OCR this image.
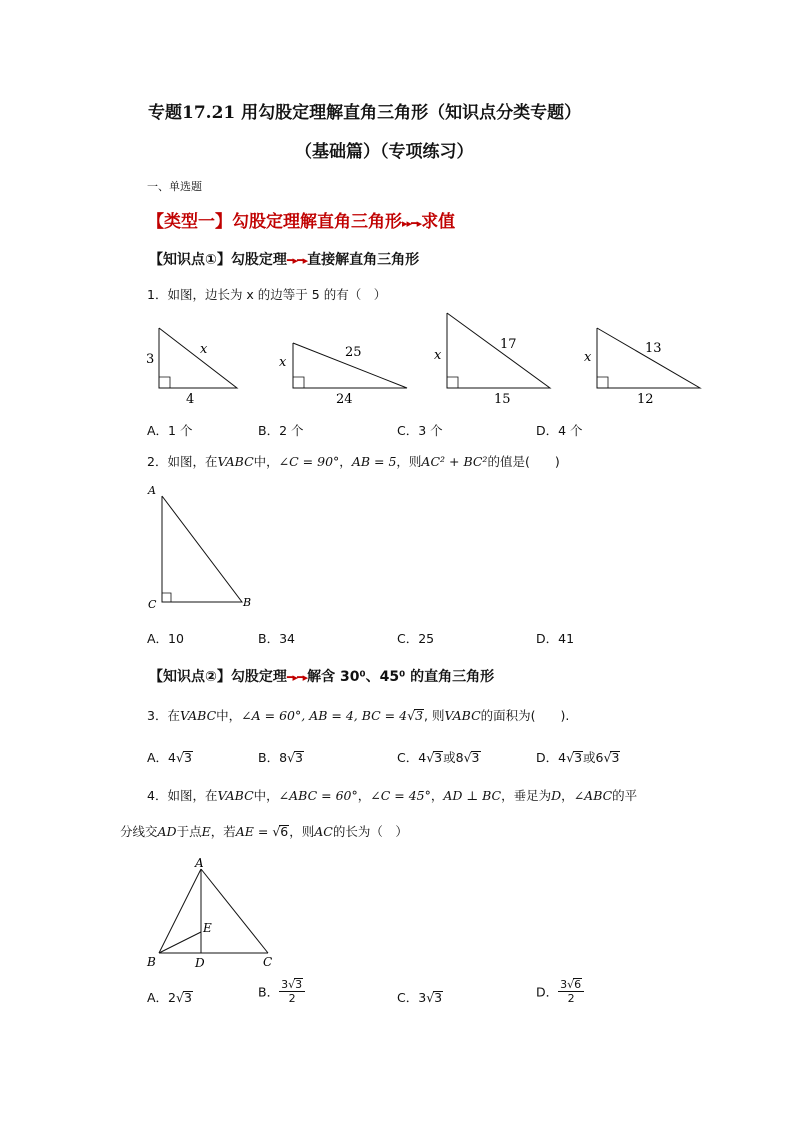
专题17.21 用勾股定理解直角三角形（知识点分类专题）
（基础篇）（专项练习）
一、单选题
【类型一】勾股定理解直角三角形▸▸━▸求值
【知识点①】勾股定理━▸━▸直接解直角三角形
1．如图，边长为 x 的边等于 5 的有（　）
3
4
x
x
24
25	x
15
17
x
12
13
A．1 个	B．2 个	C．3 个	D．4 个
2．如图，在VABC中，∠C = 90°，AB = 5，则AC² + BC²的值是(　　)
A
C	B
A．10	B．34	C．25	D．41
【知识点②】勾股定理━▸━▸解含 30⁰、45⁰ 的直角三角形
3．在VABC中，∠A = 60°, AB = 4, BC = 4√3, 则VABC的面积为(　　).
A．4√3	B．8√3	C．4√3或8√3	D．4√3或6√3
4．如图，在VABC中，∠ABC = 60°，∠C = 45°，AD ⊥ BC，垂足为D，∠ABC的平
分线交AD于点E，若AE = √6，则AC的长为（　）
A
B	D	C
E
A．2√3	B． $\frac{3√3}{2}$	C．3√3	D． $\frac{3√6}{2}$
